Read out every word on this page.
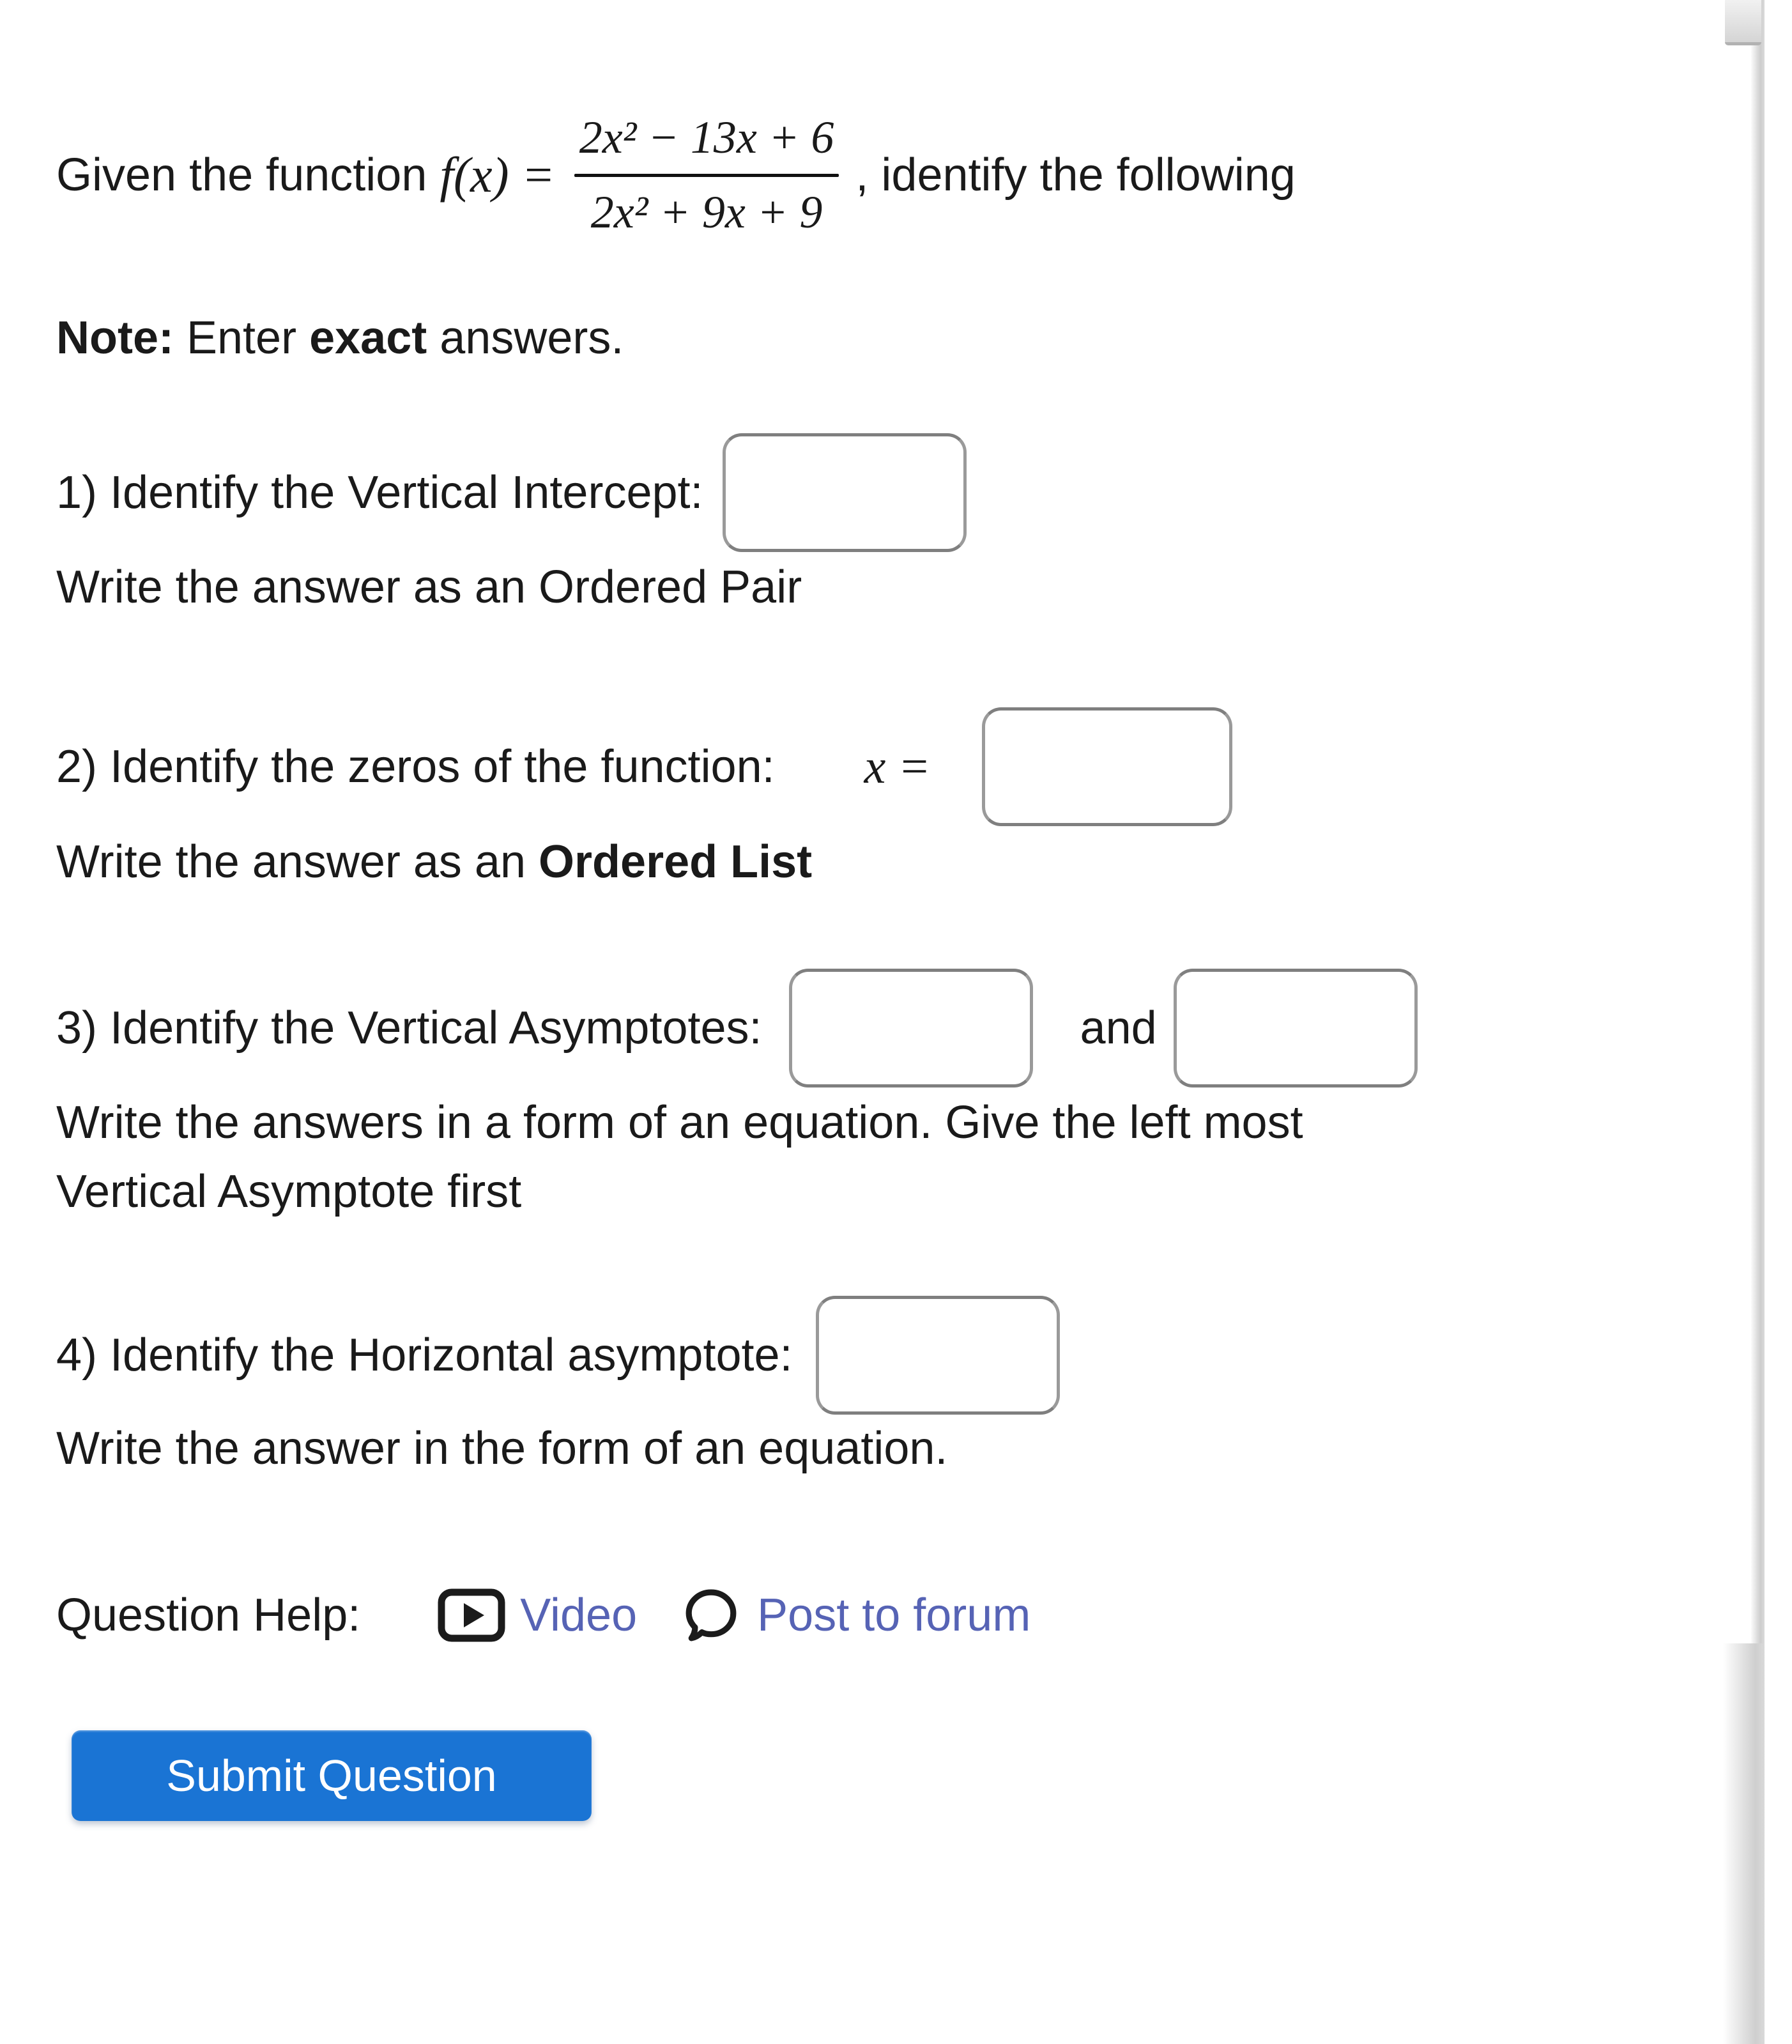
Given the function f(x) =
2x² − 13x + 6
2x² + 9x + 9
, identify the following
Note: Enter exact answers.
1) Identify the Vertical Intercept:
Write the answer as an Ordered Pair
2) Identify the zeros of the function: x =
Write the answer as an Ordered List
3) Identify the Vertical Asymptotes:	and
Write the answers in a form of an equation. Give the left most
Vertical Asymptote first
4) Identify the Horizontal asymptote:
Write the answer in the form of an equation.
Question Help:	Video	Post to forum
Submit Question
